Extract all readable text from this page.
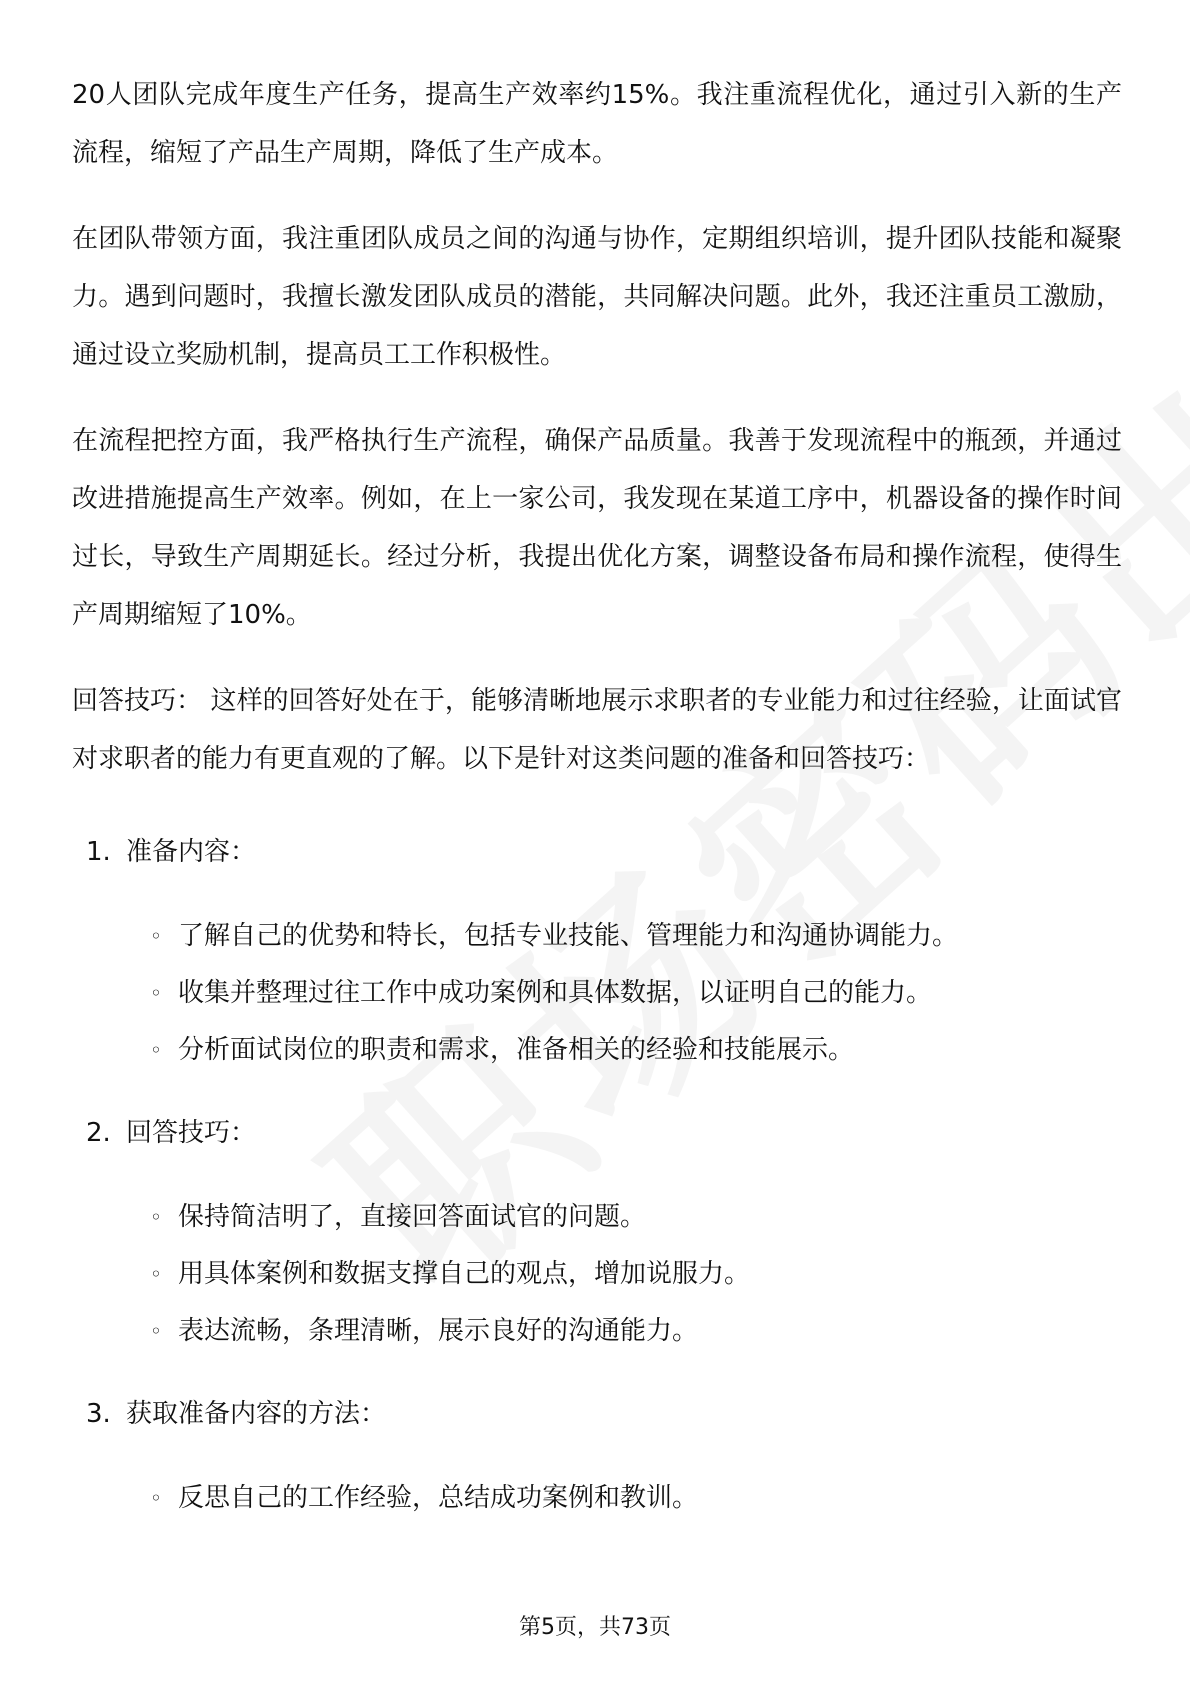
20人团队完成年度生产任务，提高生产效率约15%。我注重流程优化，通过引入新的生产流程，缩短了产品生产周期，降低了生产成本。

在团队带领方面，我注重团队成员之间的沟通与协作，定期组织培训，提升团队技能和凝聚力。遇到问题时，我擅长激发团队成员的潜能，共同解决问题。此外，我还注重员工激励，通过设立奖励机制，提高员工工作积极性。

在流程把控方面，我严格执行生产流程，确保产品质量。我善于发现流程中的瓶颈，并通过改进措施提高生产效率。例如，在上一家公司，我发现在某道工序中，机器设备的操作时间过长，导致生产周期延长。经过分析，我提出优化方案，调整设备布局和操作流程，使得生产周期缩短了10%。

回答技巧： 这样的回答好处在于，能够清晰地展示求职者的专业能力和过往经验，让面试官对求职者的能力有更直观的了解。以下是针对这类问题的准备和回答技巧：

1. 准备内容：
◦ 了解自己的优势和特长，包括专业技能、管理能力和沟通协调能力。
◦ 收集并整理过往工作中成功案例和具体数据，以证明自己的能力。
◦ 分析面试岗位的职责和需求，准备相关的经验和技能展示。
2. 回答技巧：
◦ 保持简洁明了，直接回答面试官的问题。
◦ 用具体案例和数据支撑自己的观点，增加说服力。
◦ 表达流畅，条理清晰，展示良好的沟通能力。
3. 获取准备内容的方法：
◦ 反思自己的工作经验，总结成功案例和教训。
第5页，共73页
